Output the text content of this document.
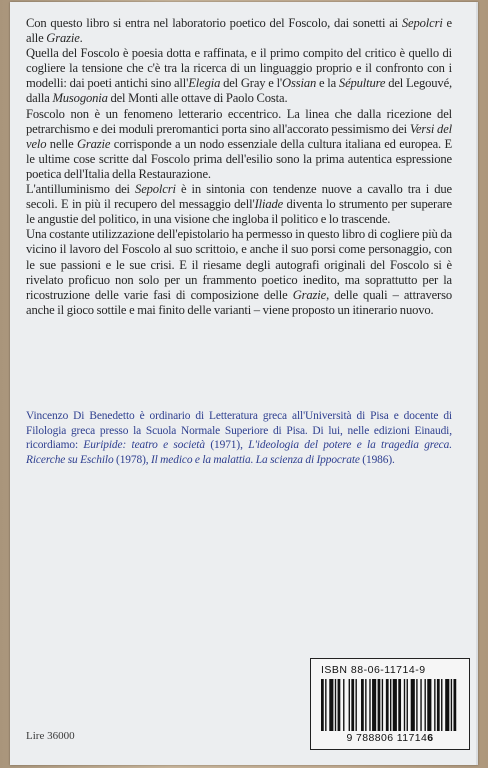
Con questo libro si entra nel laboratorio poetico del Foscolo, dai sonetti ai Sepolcri e alle Grazie.

Quella del Foscolo è poesia dotta e raffinata, e il primo compito del critico è quello di cogliere la tensione che c'è tra la ricerca di un linguaggio proprio e il confronto con i modelli: dai poeti antichi sino all'Elegia del Gray e l'Ossian e la Sépulture del Legouvé, dalla Musogonia del Monti alle ottave di Paolo Costa.

Foscolo non è un fenomeno letterario eccentrico. La linea che dalla ricezione del petrarchismo e dei moduli preromantici porta sino all'accorato pessimismo dei Versi del velo nelle Grazie corrisponde a un nodo essenziale della cultura italiana ed europea. E le ultime cose scritte dal Foscolo prima dell'esilio sono la prima autentica espressione poetica dell'Italia della Restaurazione.

L'antilluminismo dei Sepolcri è in sintonia con tendenze nuove a cavallo tra i due secoli. E in più il recupero del messaggio dell'Iliade diventa lo strumento per superare le angustie del politico, in una visione che ingloba il politico e lo trascende.

Una costante utilizzazione dell'epistolario ha permesso in questo libro di cogliere più da vicino il lavoro del Foscolo al suo scrittoio, e anche il suo porsi come personaggio, con le sue passioni e le sue crisi. E il riesame degli autografi originali del Foscolo si è rivelato proficuo non solo per un frammento poetico inedito, ma soprattutto per la ricostruzione delle varie fasi di composizione delle Grazie, delle quali – attraverso anche il gioco sottile e mai finito delle varianti – viene proposto un itinerario nuovo.

Vincenzo Di Benedetto è ordinario di Letteratura greca all'Università di Pisa e docente di Filologia greca presso la Scuola Normale Superiore di Pisa. Di lui, nelle edizioni Einaudi, ricordiamo: Euripide: teatro e società (1971), L'ideologia del potere e la tragedia greca. Ricerche su Eschilo (1978), Il medico e la malattia. La scienza di Ippocrate (1986).

Lire 36000
ISBN 88-06-11714-9
9 788806 117146
